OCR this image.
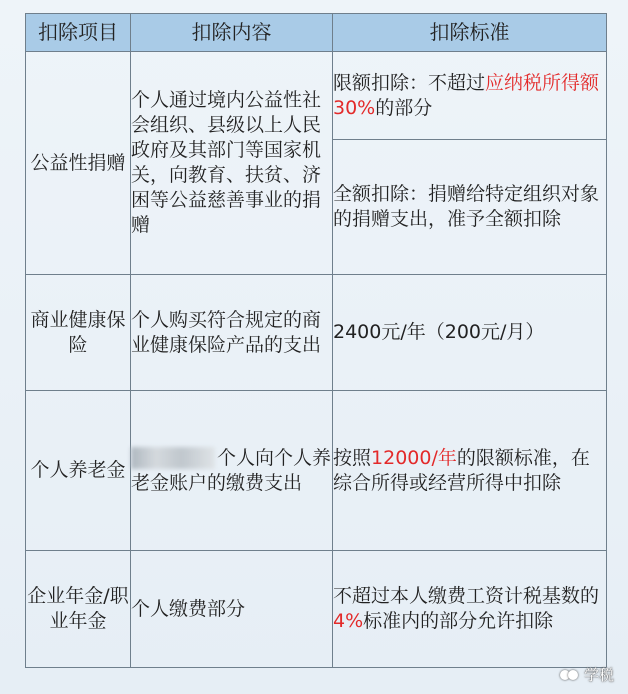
扣除项目	扣除内容	扣除标准
公益性捐赠	个人通过境内公益性社会组织、县级以上人民政府及其部门等国家机关，向教育、扶贫、济困等公益慈善事业的捐赠	限额扣除：不超过应纳税所得额30%的部分
		全额扣除：捐赠给特定组织对象的捐赠支出，准予全额扣除
商业健康保险	个人购买符合规定的商业健康保险产品的支出	2400元/年（200元/月）
个人养老金	个人向个人养老金账户的缴费支出	按照12000/年的限额标准，在综合所得或经营所得中扣除
企业年金/职业年金	个人缴费部分	不超过本人缴费工资计税基数的4%标准内的部分允许扣除
学税
